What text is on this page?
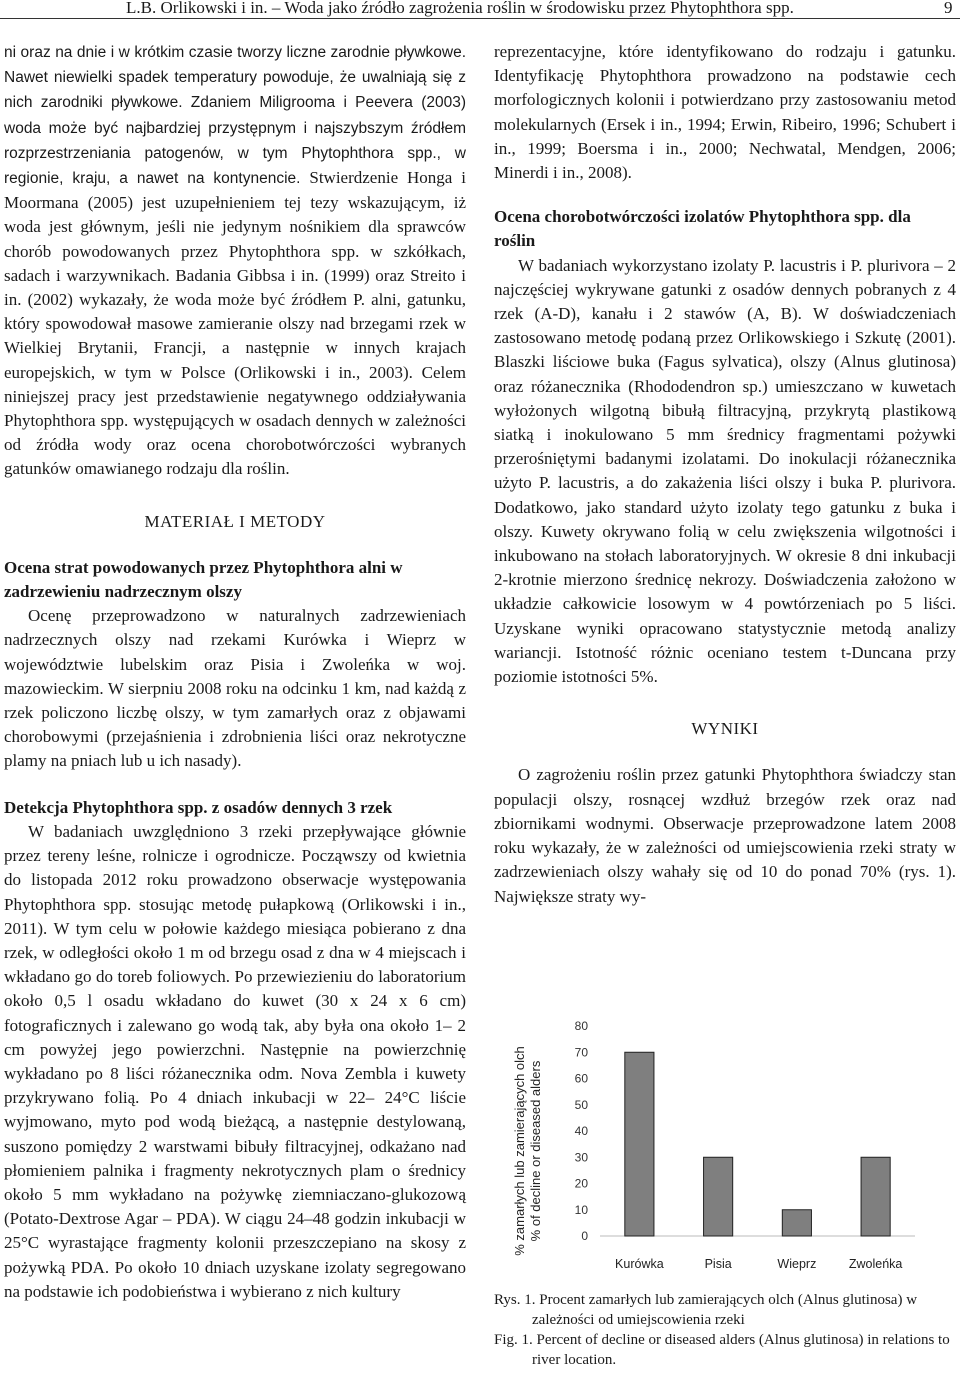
L.B. Orlikowski i in. – Woda jako źródło zagrożenia roślin w środowisku przez Phytophthora spp.	9

ni oraz na dnie i w krótkim czasie tworzy liczne zarodnie pływkowe. Nawet niewielki spadek temperatury powoduje, że uwalniają się z nich zarodniki pływkowe. Zdaniem Miligrooma i Peevera (2003) woda może być najbardziej przystępnym i najszybszym źródłem rozprzestrzeniania patogenów, w tym Phytophthora spp., w regionie, kraju, a nawet na kontynencie. Stwierdzenie Honga i Moormana (2005) jest uzupełnieniem tej tezy wskazującym, iż woda jest głównym, jeśli nie jedynym nośnikiem dla sprawców chorób powodowanych przez Phytophthora spp. w szkółkach, sadach i warzywnikach. Badania Gibbsa i in. (1999) oraz Streito i in. (2002) wykazały, że woda może być źródłem P. alni, gatunku, który spowodował masowe zamieranie olszy nad brzegami rzek w Wielkiej Brytanii, Francji, a następnie w innych krajach europejskich, w tym w Polsce (Orlikowski i in., 2003). Celem niniejszej pracy jest przedstawienie negatywnego oddziaływania Phytophthora spp. występujących w osadach dennych w zależności od źródła wody oraz ocena chorobotwórczości wybranych gatunków omawianego rodzaju dla roślin.

MATERIAŁ I METODY

Ocena strat powodowanych przez Phytophthora alni w zadrzewieniu nadrzecznym olszy

Ocenę przeprowadzono w naturalnych zadrzewieniach nadrzecznych olszy nad rzekami Kurówka i Wieprz w województwie lubelskim oraz Pisia i Zwoleńka w woj. mazowieckim. W sierpniu 2008 roku na odcinku 1 km, nad każdą z rzek policzono liczbę olszy, w tym zamarłych oraz z objawami chorobowymi (przejaśnienia i zdrobnienia liści oraz nekrotyczne plamy na pniach lub u ich nasady).

Detekcja Phytophthora spp. z osadów dennych 3 rzek

W badaniach uwzględniono 3 rzeki przepływające głównie przez tereny leśne, rolnicze i ogrodnicze. Począwszy od kwietnia do listopada 2012 roku prowadzono obserwacje występowania Phytophthora spp. stosując metodę pułapkową (Orlikowski i in., 2011). W tym celu w połowie każdego miesiąca pobierano z dna rzek, w odległości około 1 m od brzegu osad z dna w 4 miejscach i wkładano go do toreb foliowych. Po przewiezieniu do laboratorium około 0,5 l osadu wkładano do kuwet (30 x 24 x 6 cm) fotograficznych i zalewano go wodą tak, aby była ona około 1– 2 cm powyżej jego powierzchni. Następnie na powierzchnię wykładano po 8 liści różanecznika odm. Nova Zembla i kuwety przykrywano folią. Po 4 dniach inkubacji w 22– 24°C liście wyjmowano, myto pod wodą bieżącą, a następnie destylowaną, suszono pomiędzy 2 warstwami bibuły filtracyjnej, odkażano nad płomieniem palnika i fragmenty nekrotycznych plam o średnicy około 5 mm wykładano na pożywkę ziemniaczano-glukozową (Potato-Dextrose Agar – PDA). W ciągu 24–48 godzin inkubacji w 25°C wyrastające fragmenty kolonii przeszczepiano na skosy z pożywką PDA. Po około 10 dniach uzyskane izolaty segregowano na podstawie ich podobieństwa i wybierano z nich kultury

reprezentacyjne, które identyfikowano do rodzaju i gatunku. Identyfikację Phytophthora prowadzono na podstawie cech morfologicznych kolonii i potwierdzano przy zastosowaniu metod molekularnych (Ersek i in., 1994; Erwin, Ribeiro, 1996; Schubert i in., 1999; Boersma i in., 2000; Nechwatal, Mendgen, 2006; Minerdi i in., 2008).

Ocena chorobotwórczości izolatów Phytophthora spp. dla roślin

W badaniach wykorzystano izolaty P. lacustris i P. plurivora – 2 najczęściej wykrywane gatunki z osadów dennych pobranych z 4 rzek (A-D), kanału i 2 stawów (A, B). W doświadczeniach zastosowano metodę podaną przez Orlikowskiego i Szkutę (2001). Blaszki liściowe buka (Fagus sylvatica), olszy (Alnus glutinosa) oraz różanecznika (Rhododendron sp.) umieszczano w kuwetach wyłożonych wilgotną bibułą filtracyjną, przykrytą plastikową siatką i inokulowano 5 mm średnicy fragmentami pożywki przerośniętymi badanymi izolatami. Do inokulacji różanecznika użyto P. lacustris, a do zakażenia liści olszy i buka P. plurivora. Dodatkowo, jako standard użyto izolaty tego gatunku z buka i olszy. Kuwety okrywano folią w celu zwiększenia wilgotności i inkubowano na stołach laboratoryjnych. W okresie 8 dni inkubacji 2-krotnie mierzono średnicę nekrozy. Doświadczenia założono w układzie całkowicie losowym w 4 powtórzeniach po 5 liści. Uzyskane wyniki opracowano statystycznie metodą analizy wariancji. Istotność różnic oceniano testem t-Duncana przy poziomie istotności 5%.

WYNIKI

O zagrożeniu roślin przez gatunki Phytophthora świadczy stan populacji olszy, rosnącej wzdłuż brzegów rzek oraz nad zbiornikami wodnymi. Obserwacje przeprowadzone latem 2008 roku wykazały, że w zależności od umiejscowienia rzeki straty w zadrzewieniach olszy wahały się od 10 do ponad 70% (rys. 1). Największe straty wy-

% zamarłych lub zamierających olch % of decline or diseased alders
80
70
60
50
40
30
20
10
0
Kurówka	Pisia	Wieprz	Zwoleńka

Rys. 1. Procent zamarłych lub zamierających olch (Alnus glutinosa) w zależności od umiejscowienia rzeki

Fig. 1. Percent of decline or diseased alders (Alnus glutinosa) in relations to river location.
